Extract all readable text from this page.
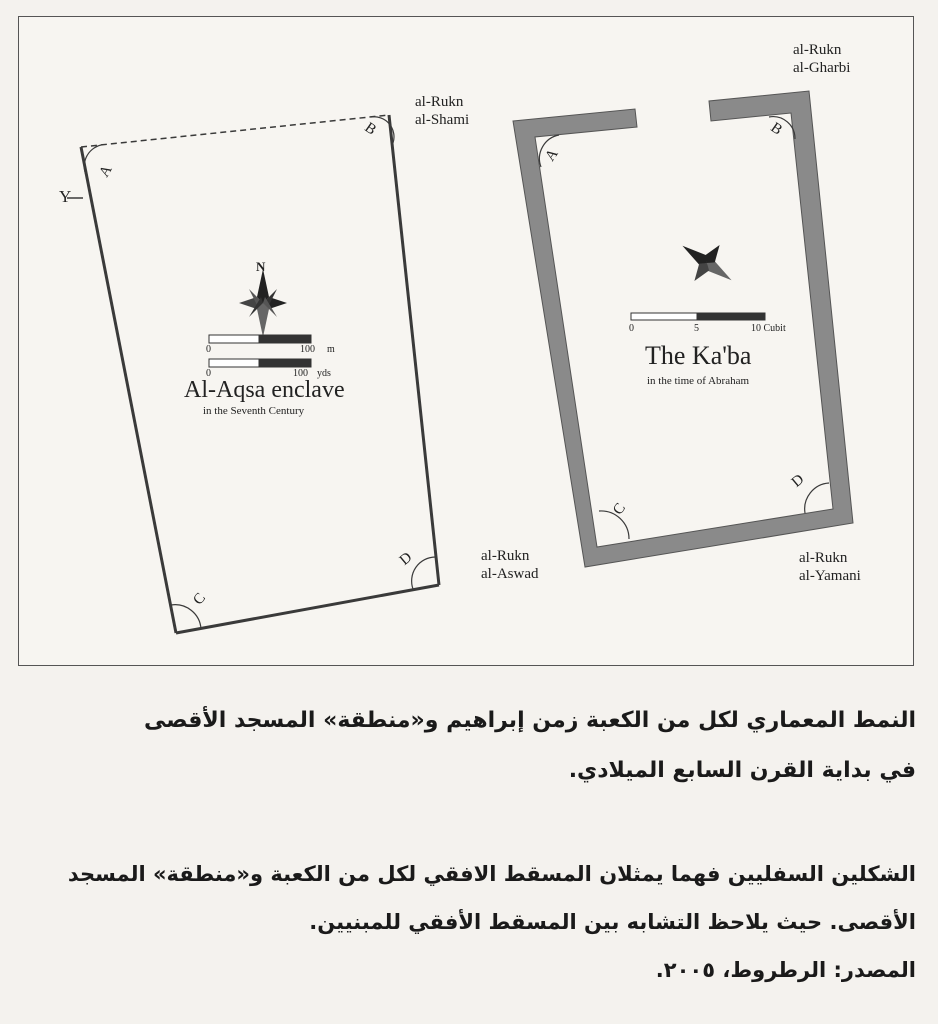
Y
N
A
B
C
D
0	100 m
0	100 yds
Al-Aqsa enclave
in the Seventh Century
al-Rukn
al-Shami
al-Rukn
al-Gharbi
al-Rukn
al-Aswad
al-Rukn
al-Yamani
A
B
C
D
0	5	10 Cubit
The Ka'ba
in the time of Abraham
النمط المعماري لكل من الكعبة زمن إبراهيم و«منطقة» المسجد الأقصى
في بداية القرن السابع الميلادي.
الشكلين السفليين فهما يمثلان المسقط الافقي لكل من الكعبة و«منطقة» المسجد
الأقصى. حيث يلاحظ التشابه بين المسقط الأفقي للمبنيين.
المصدر: الرطروط، ٢٠٠٥.
